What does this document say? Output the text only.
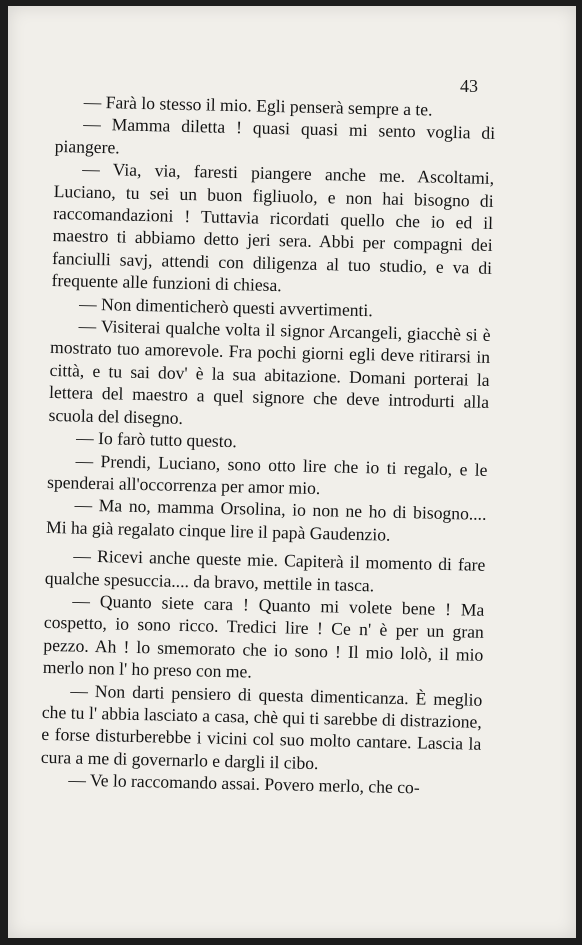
43

— Farà lo stesso il mio. Egli penserà sempre a te.

— Mamma diletta ! quasi quasi mi sento voglia di piangere.

— Via, via, faresti piangere anche me. Ascoltami, Luciano, tu sei un buon figliuolo, e non hai bisogno di raccomandazioni ! Tuttavia ricordati quello che io ed il maestro ti abbiamo detto jeri sera. Abbi per compagni dei fanciulli savj, attendi con diligenza al tuo studio, e va di frequente alle funzioni di chiesa.

— Non dimenticherò questi avvertimenti.

— Visiterai qualche volta il signor Arcangeli, giacchè si è mostrato tuo amorevole. Fra pochi giorni egli deve ritirarsi in città, e tu sai dov' è la sua abitazione. Domani porterai la lettera del maestro a quel signore che deve introdurti alla scuola del disegno.

— Io farò tutto questo.

— Prendi, Luciano, sono otto lire che io ti regalo, e le spenderai all'occorrenza per amor mio.

— Ma no, mamma Orsolina, io non ne ho di bisogno.... Mi ha già regalato cinque lire il papà Gaudenzio.

— Ricevi anche queste mie. Capiterà il momento di fare qualche spesuccia.... da bravo, mettile in tasca.

— Quanto siete cara ! Quanto mi volete bene ! Ma cospetto, io sono ricco. Tredici lire ! Ce n' è per un gran pezzo. Ah ! lo smemorato che io sono ! Il mio lolò, il mio merlo non l' ho preso con me.

— Non darti pensiero di questa dimenticanza. È meglio che tu l' abbia lasciato a casa, chè qui ti sarebbe di distrazione, e forse disturberebbe i vicini col suo molto cantare. Lascia la cura a me di governarlo e dargli il cibo.

— Ve lo raccomando assai. Povero merlo, che co-
